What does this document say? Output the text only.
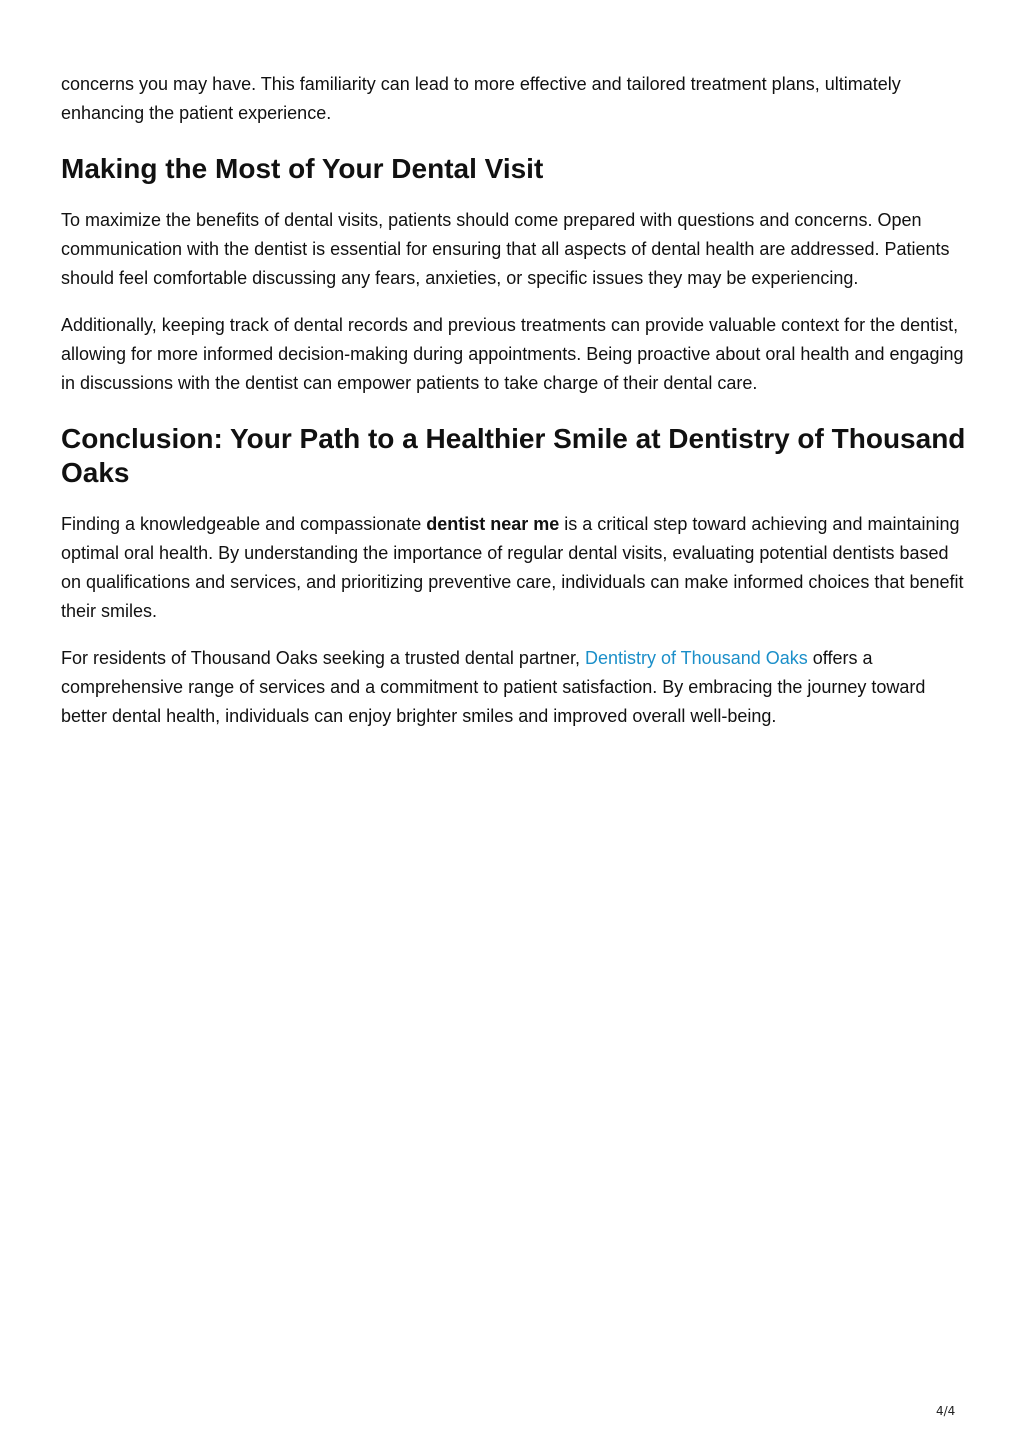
concerns you may have. This familiarity can lead to more effective and tailored treatment plans, ultimately enhancing the patient experience.

Making the Most of Your Dental Visit

To maximize the benefits of dental visits, patients should come prepared with questions and concerns. Open communication with the dentist is essential for ensuring that all aspects of dental health are addressed. Patients should feel comfortable discussing any fears, anxieties, or specific issues they may be experiencing.

Additionally, keeping track of dental records and previous treatments can provide valuable context for the dentist, allowing for more informed decision-making during appointments. Being proactive about oral health and engaging in discussions with the dentist can empower patients to take charge of their dental care.

Conclusion: Your Path to a Healthier Smile at Dentistry of Thousand Oaks

Finding a knowledgeable and compassionate dentist near me is a critical step toward achieving and maintaining optimal oral health. By understanding the importance of regular dental visits, evaluating potential dentists based on qualifications and services, and prioritizing preventive care, individuals can make informed choices that benefit their smiles.

For residents of Thousand Oaks seeking a trusted dental partner, Dentistry of Thousand Oaks offers a comprehensive range of services and a commitment to patient satisfaction. By embracing the journey toward better dental health, individuals can enjoy brighter smiles and improved overall well-being.

4/4
